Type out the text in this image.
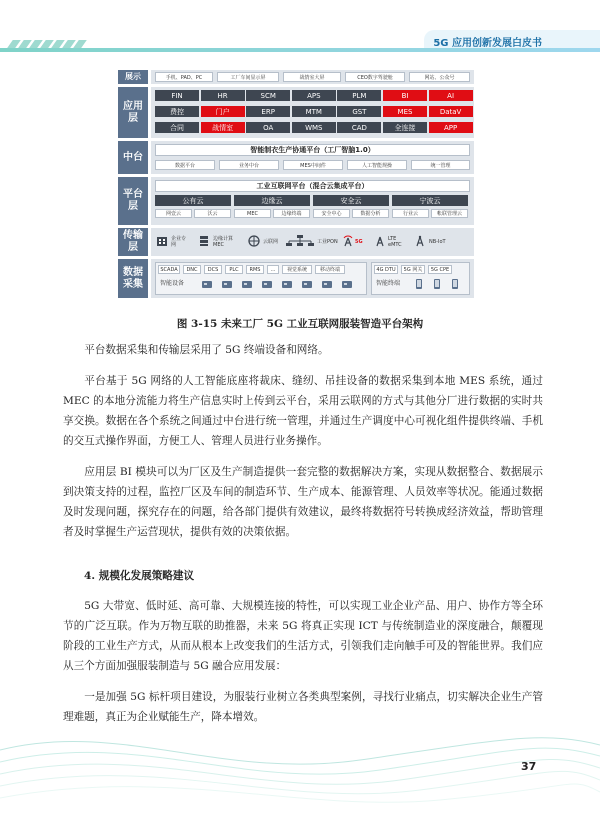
5G 应用创新发展白皮书
展示	手机、PAD、PC	工厂车间显示屏	战情室大屏	CEO数字驾驶舱	网站、公众号
应用层
FIN	HR	SCM	APS	PLM	BI	AI
费控	门户	ERP	MTM	GST	MES	DataV
合同	战情室	OA	WMS	CAD	全连接	APP
中台
智能制衣生产协通平台（工厂智脑1.0）
数据平台	业务中台	MES中间件	人工智能规操	统一管理
平台层
工业互联网平台（混合云集成平台）
公有云
网壹云	沃云
边缘云
MEC	边缘终端
安全云
安全中心	数据分析
宁波云
行业云	帐联管理云
传输层
企业专网
边缘计算MEC	云联网	工业PON	5G	LTE eMTC	NB-IoT
数据采集
SCADA	DNC	DCS	PLC	RMS	…	视觉系统	移动终端	4G DTU	5G 网关	5G CPE
智能设备	智能终端
图 3-15 未来工厂 5G 工业互联网服装智造平台架构

平台数据采集和传输层采用了 5G 终端设备和网络。

平台基于 5G 网络的人工智能底座将裁床、缝纫、吊挂设备的数据采集到本地 MES 系统，通过 MEC 的本地分流能力将生产信息实时上传到云平台，采用云联网的方式与其他分厂进行数据的实时共享交换。数据在各个系统之间通过中台进行统一管理，并通过生产调度中心可视化组件提供终端、手机的交互式操作界面，方便工人、管理人员进行业务操作。

应用层 BI 模块可以为厂区及生产制造提供一套完整的数据解决方案，实现从数据整合、数据展示到决策支持的过程，监控厂区及车间的制造环节、生产成本、能源管理、人员效率等状况。能通过数据及时发现问题，探究存在的问题，给各部门提供有效建议，最终将数据符号转换成经济效益，帮助管理者及时掌握生产运营现状，提供有效的决策依据。

4. 规模化发展策略建议

5G 大带宽、低时延、高可靠、大规模连接的特性，可以实现工业企业产品、用户、协作方等全环节的广泛互联。作为万物互联的助推器，未来 5G 将真正实现 ICT 与传统制造业的深度融合，颠覆现阶段的工业生产方式，从而从根本上改变我们的生活方式，引领我们走向触手可及的智能世界。我们应从三个方面加强服装制造与 5G 融合应用发展：

一是加强 5G 标杆项目建设，为服装行业树立各类典型案例，寻找行业痛点，切实解决企业生产管理难题，真正为企业赋能生产，降本增效。

37
